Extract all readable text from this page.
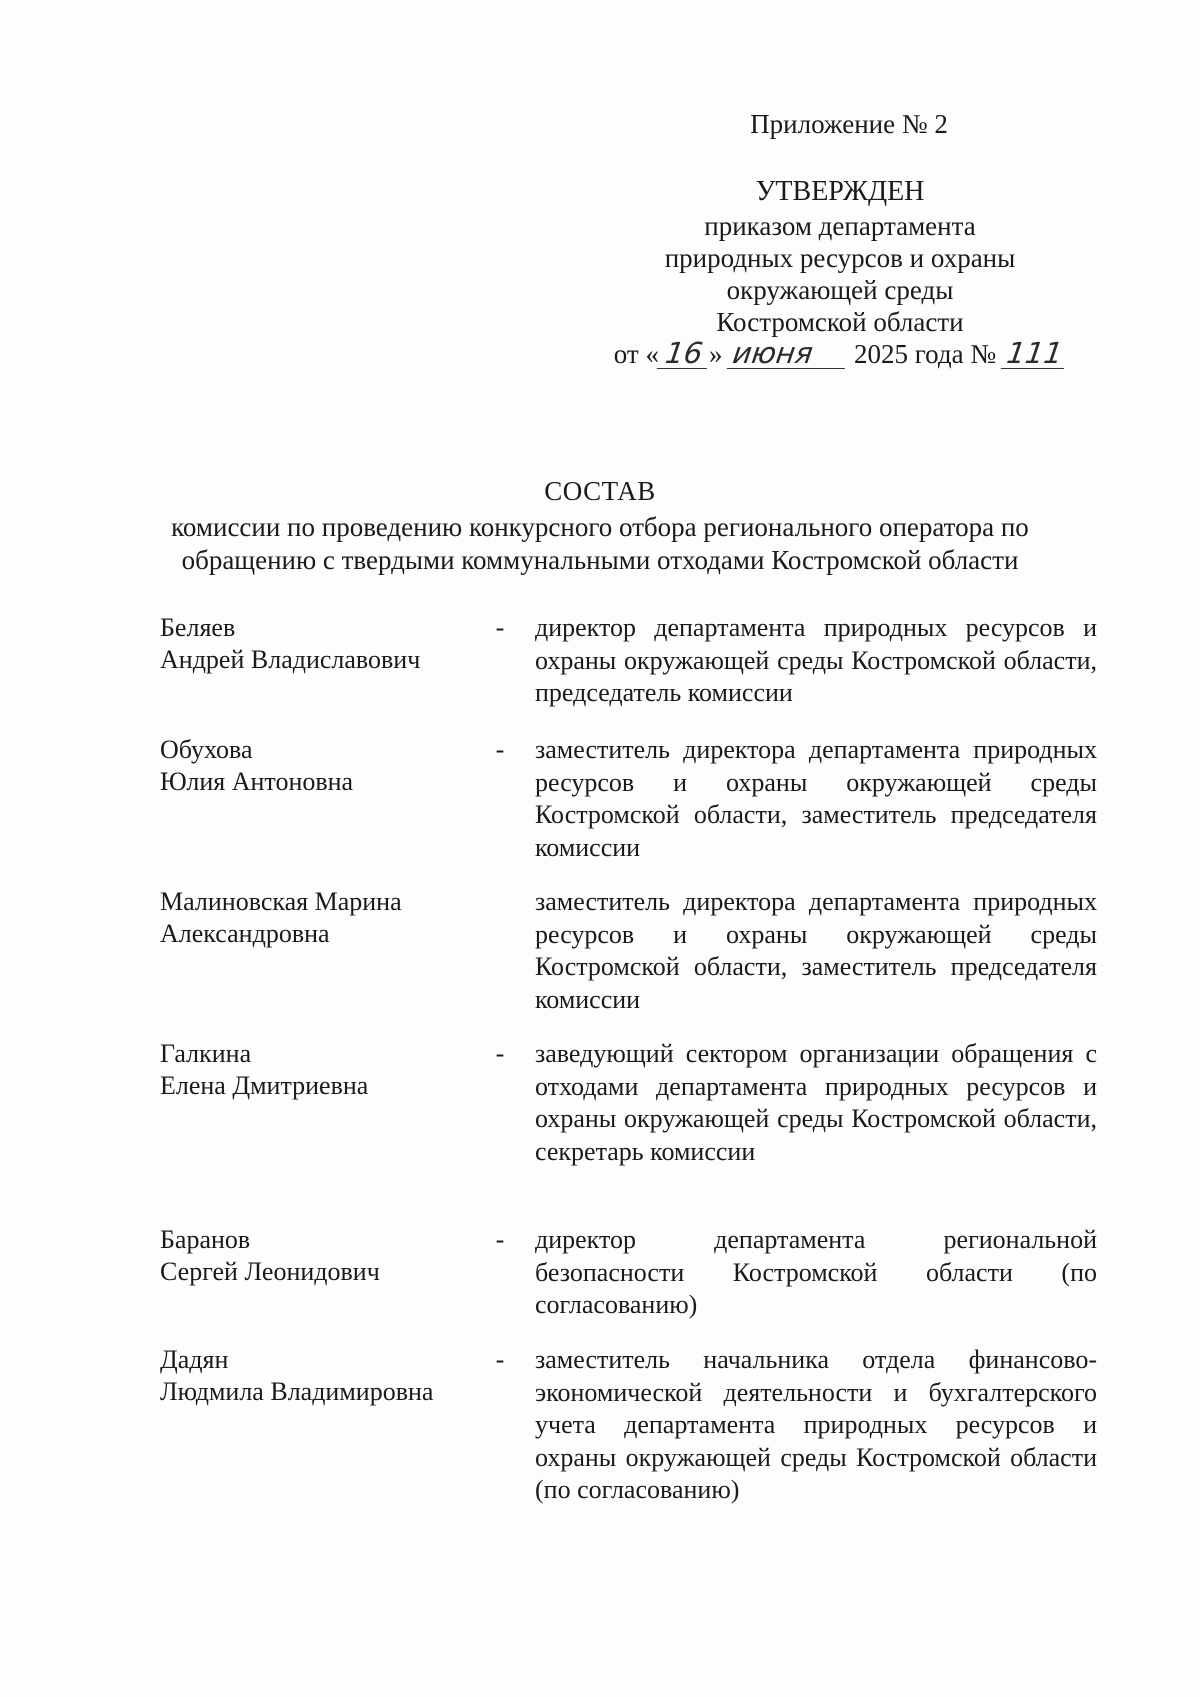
Приложение № 2
УТВЕРЖДЕН
приказом департамента
природных ресурсов и охраны
окружающей среды
Костромской области
от « 16 » июня 2025 года № 111
СОСТАВ
комиссии по проведению конкурсного отбора регионального оператора по
обращению с твердыми коммунальными отходами Костромской области
Беляев
Андрей Владиславович
- директор департамента природных ресурсов и охраны окружающей среды Костромской области, председатель комиссии
Обухова
Юлия Антоновна
- заместитель директора департамента природных ресурсов и охраны окружающей среды Костромской области, заместитель председателя комиссии
Малиновская Марина
Александровна
заместитель директора департамента природных ресурсов и охраны окружающей среды Костромской области, заместитель председателя комиссии
Галкина
Елена Дмитриевна
- заведующий сектором организации обращения с отходами департамента природных ресурсов и охраны окружающей среды Костромской области, секретарь комиссии
Баранов
Сергей Леонидович
- директор департамента региональной безопасности Костромской области (по согласованию)
Дадян
Людмила Владимировна
- заместитель начальника отдела финансово-экономической деятельности и бухгалтерского учета департамента природных ресурсов и охраны окружающей среды Костромской области (по согласованию)
